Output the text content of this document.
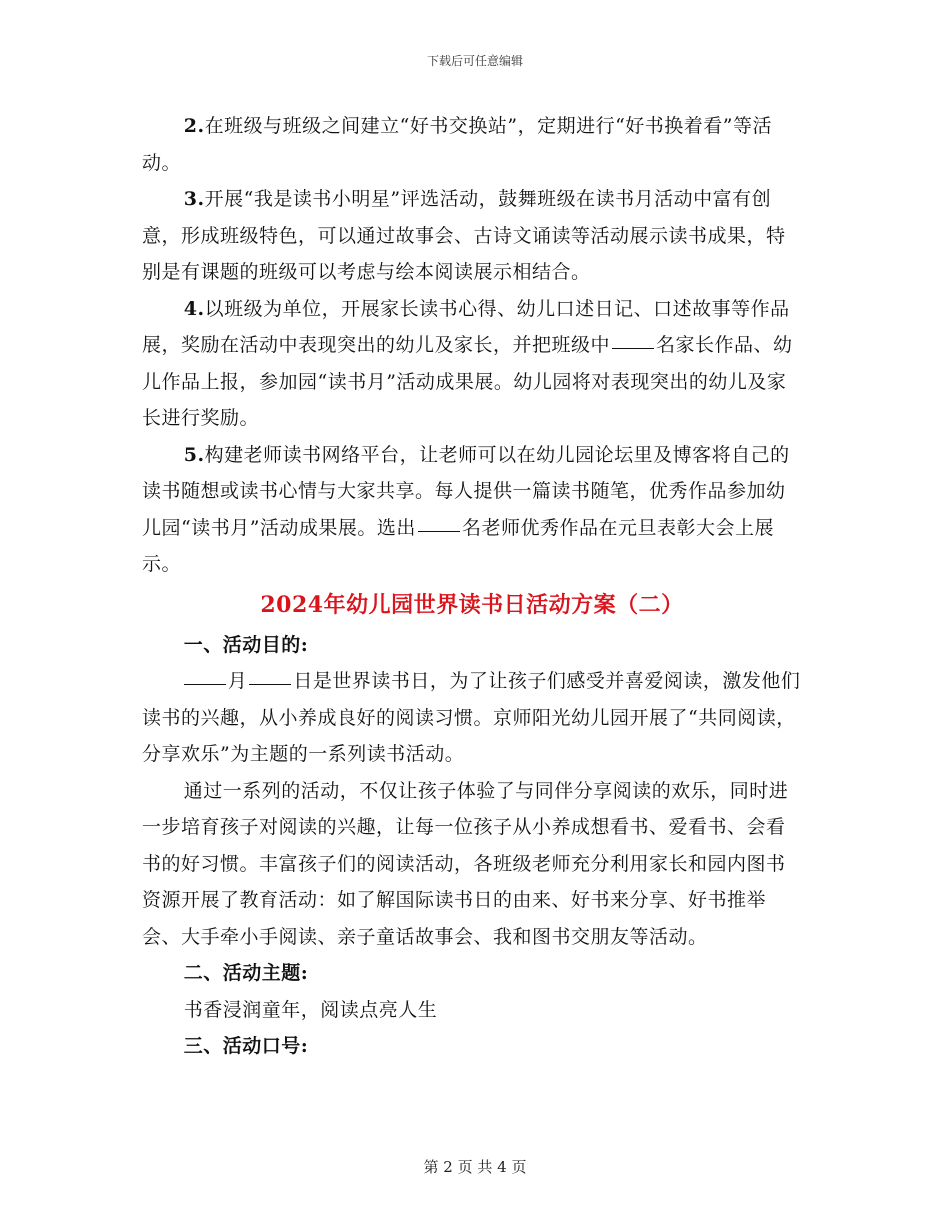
下载后可任意编辑

2.在班级与班级之间建立“好书交换站”，定期进行“好书换着看”等活动。

3.开展“我是读书小明星”评选活动，鼓舞班级在读书月活动中富有创意，形成班级特色，可以通过故事会、古诗文诵读等活动展示读书成果，特别是有课题的班级可以考虑与绘本阅读展示相结合。

4.以班级为单位，开展家长读书心得、幼儿口述日记、口述故事等作品展，奖励在活动中表现突出的幼儿及家长，并把班级中 名家长作品、幼儿作品上报，参加园“读书月”活动成果展。幼儿园将对表现突出的幼儿及家长进行奖励。

5.构建老师读书网络平台，让老师可以在幼儿园论坛里及博客将自己的读书随想或读书心情与大家共享。每人提供一篇读书随笔，优秀作品参加幼儿园“读书月”活动成果展。选出 名老师优秀作品在元旦表彰大会上展示。

2024年幼儿园世界读书日活动方案（二）

一、活动目的:

月 日是世界读书日，为了让孩子们感受并喜爱阅读，激发他们读书的兴趣，从小养成良好的阅读习惯。京师阳光幼儿园开展了“共同阅读，分享欢乐”为主题的一系列读书活动。

通过一系列的活动，不仅让孩子体验了与同伴分享阅读的欢乐，同时进一步培育孩子对阅读的兴趣，让每一位孩子从小养成想看书、爱看书、会看书的好习惯。丰富孩子们的阅读活动，各班级老师充分利用家长和园内图书资源开展了教育活动：如了解国际读书日的由来、好书来分享、好书推举会、大手牵小手阅读、亲子童话故事会、我和图书交朋友等活动。

二、活动主题:

书香浸润童年，阅读点亮人生

三、活动口号:

第 2 页 共 4 页
